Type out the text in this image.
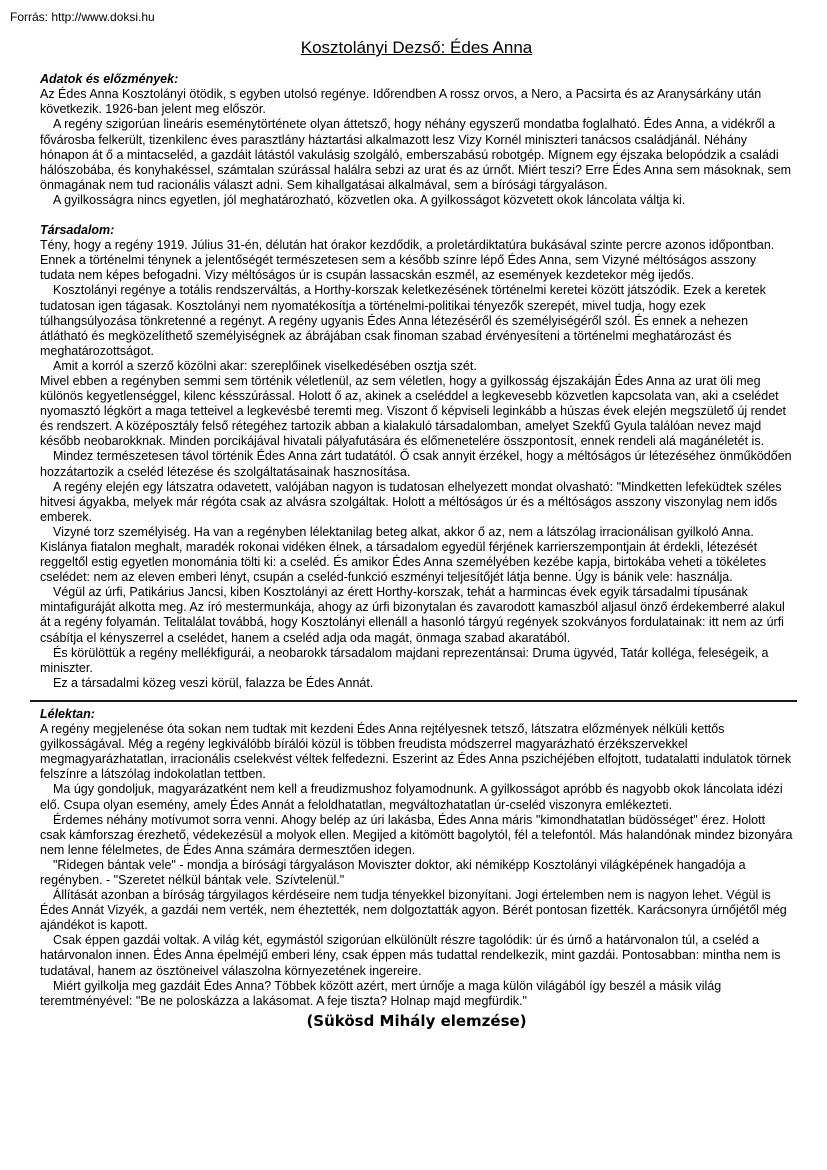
Forrás: http://www.doksi.hu
Kosztolányi Dezső: Édes Anna
Adatok és előzmények:

Az Édes Anna Kosztolányi ötödik, s egyben utolsó regénye. Időrendben A rossz orvos, a Nero, a Pacsirta és az Aranysárkány után következik. 1926-ban jelent meg először.

A regény szigorúan lineáris eseménytörténete olyan áttetsző, hogy néhány egyszerű mondatba foglalható. Édes Anna, a vidékről a fővárosba felkerült, tizenkilenc éves parasztlány háztartási alkalmazott lesz Vizy Kornél miniszteri tanácsos családjánál. Néhány hónapon át ő a mintacseléd, a gazdáit látástól vakulásig szolgáló, emberszabású robotgép. Mígnem egy éjszaka belopódzik a családi hálószobába, és konyhakéssel, számtalan szúrással halálra sebzi az urat és az úrnőt. Miért teszi? Erre Édes Anna sem másoknak, sem önmagának nem tud racionális választ adni. Sem kihallgatásai alkalmával, sem a bírósági tárgyaláson.

A gyilkosságra nincs egyetlen, jól meghatározható, közvetlen oka. A gyilkosságot közvetett okok láncolata váltja ki.

Társadalom:

Tény, hogy a regény 1919. Július 31-én, délután hat órakor kezdődik, a proletárdiktatúra bukásával szinte percre azonos időpontban. Ennek a történelmi ténynek a jelentőségét természetesen sem a később színre lépő Édes Anna, sem Vizyné méltóságos asszony tudata nem képes befogadni. Vizy méltóságos úr is csupán lassacskán eszmél, az események kezdetekor még ijedős.

Kosztolányi regénye a totális rendszerváltás, a Horthy-korszak keletkezésének történelmi keretei között játszódik. Ezek a keretek tudatosan igen tágasak. Kosztolányi nem nyomatékosítja a történelmi-politikai tényezők szerepét, mivel tudja, hogy ezek túlhangsúlyozása tönkretenné a regényt. A regény ugyanis Édes Anna létezéséről és személyiségéről szól. És ennek a nehezen átlátható és megközelíthető személyiségnek az ábrájában csak finoman szabad érvényesíteni a történelmi meghatározást és meghatározottságot.

Amit a korról a szerző közölni akar: szereplőinek viselkedésében osztja szét.

Mivel ebben a regényben semmi sem történik véletlenül, az sem véletlen, hogy a gyilkosság éjszakáján Édes Anna az urat öli meg különös kegyetlenséggel, kilenc késszúrással. Holott ő az, akinek a cseléddel a legkevesebb közvetlen kapcsolata van, aki a cselédet nyomasztó légkört a maga tetteivel a legkevésbé teremti meg. Viszont ő képviseli leginkább a húszas évek elején megszülető új rendet és rendszert. A középosztály felső rétegéhez tartozik abban a kialakuló társadalomban, amelyet Szekfű Gyula találóan nevez majd később neobarokknak. Minden porcikájával hivatali pályafutására és előmenetelére összpontosít, ennek rendeli alá magánéletét is.

Mindez természetesen távol történik Édes Anna zárt tudatától. Ő csak annyit érzékel, hogy a méltóságos úr létezéséhez önműködően hozzátartozik a cseléd létezése és szolgáltatásainak hasznosítása.

A regény elején egy látszatra odavetett, valójában nagyon is tudatosan elhelyezett mondat olvasható: "Mindketten lefeküdtek széles hitvesi ágyakba, melyek már régóta csak az alvásra szolgáltak. Holott a méltóságos úr és a méltóságos asszony viszonylag nem idős emberek.

Vizyné torz személyiség. Ha van a regényben lélektanilag beteg alkat, akkor ő az, nem a látszólag irracionálisan gyilkoló Anna. Kislánya fiatalon meghalt, maradék rokonai vidéken élnek, a társadalom egyedül férjének karrierszempontjain át érdekli, létezését reggeltől estig egyetlen monománia tölti ki: a cseléd. És amikor Édes Anna személyében kezébe kapja, birtokába veheti a tökéletes cselédet: nem az eleven emberi lényt, csupán a cseléd-funkció eszményi teljesítőjét látja benne. Úgy is bánik vele: használja.

Végül az úrfi, Patikárius Jancsi, kiben Kosztolányi az érett Horthy-korszak, tehát a harmincas évek egyik társadalmi típusának mintafiguráját alkotta meg. Az író mestermunkája, ahogy az úrfi bizonytalan és zavarodott kamaszból aljasul önző érdekemberré alakul át a regény folyamán. Telitalálat továbbá, hogy Kosztolányi ellenáll a hasonló tárgyú regények szokványos fordulatainak: itt nem az úrfi csábítja el kényszerrel a cselédet, hanem a cseléd adja oda magát, önmaga szabad akaratából.

És körülöttük a regény mellékfigurái, a neobarokk társadalom majdani reprezentánsai: Druma ügyvéd, Tatár kolléga, feleségeik, a miniszter.

Ez a társadalmi közeg veszi körül, falazza be Édes Annát.

Lélektan:

A regény megjelenése óta sokan nem tudtak mit kezdeni Édes Anna rejtélyesnek tetsző, látszatra előzmények nélküli kettős gyilkosságával. Még a regény legkiválóbb bírálói közül is többen freudista módszerrel magyarázható érzékszervekkel megmagyarázhatatlan, irracionális cselekvést véltek felfedezni. Eszerint az Édes Anna pszichéjében elfojtott, tudatalatti indulatok törnek felszínre a látszólag indokolatlan tettben.

Ma úgy gondoljuk, magyarázatként nem kell a freudizmushoz folyamodnunk. A gyilkosságot apróbb és nagyobb okok láncolata idézi elő. Csupa olyan esemény, amely Édes Annát a feloldhatatlan, megváltozhatatlan úr-cseléd viszonyra emlékezteti.

Érdemes néhány motívumot sorra venni. Ahogy belép az úri lakásba, Édes Anna máris "kimondhatatlan büdösséget" érez. Holott csak kámforszag érezhető, védekezésül a molyok ellen. Megijed a kitömött bagolytól, fél a telefontól. Más halandónak mindez bizonyára nem lenne félelmetes, de Édes Anna számára dermesztően idegen.

"Ridegen bántak vele" - mondja a bírósági tárgyaláson Moviszter doktor, aki némiképp Kosztolányi világképének hangadója a regényben. - "Szeretet nélkül bántak vele. Szívtelenül."

Állítását azonban a bíróság tárgyilagos kérdéseire nem tudja tényekkel bizonyítani. Jogi értelemben nem is nagyon lehet. Végül is Édes Annát Vizyék, a gazdái nem verték, nem éheztették, nem dolgoztatták agyon. Bérét pontosan fizették. Karácsonyra úrnőjétől még ajándékot is kapott.

Csak éppen gazdái voltak. A világ két, egymástól szigorúan elkülönült részre tagolódik: úr és úrnő a határvonalon túl, a cseléd a határvonalon innen. Édes Anna épelméjű emberi lény, csak éppen más tudattal rendelkezik, mint gazdái. Pontosabban: mintha nem is tudatával, hanem az ösztöneivel válaszolna környezetének ingereire.

Miért gyilkolja meg gazdáit Édes Anna? Többek között azért, mert úrnője a maga külön világából így beszél a másik világ teremtményével: "Be ne poloskázza a lakásomat. A feje tiszta? Holnap majd megfürdik."

(Sükösd Mihály elemzése)
